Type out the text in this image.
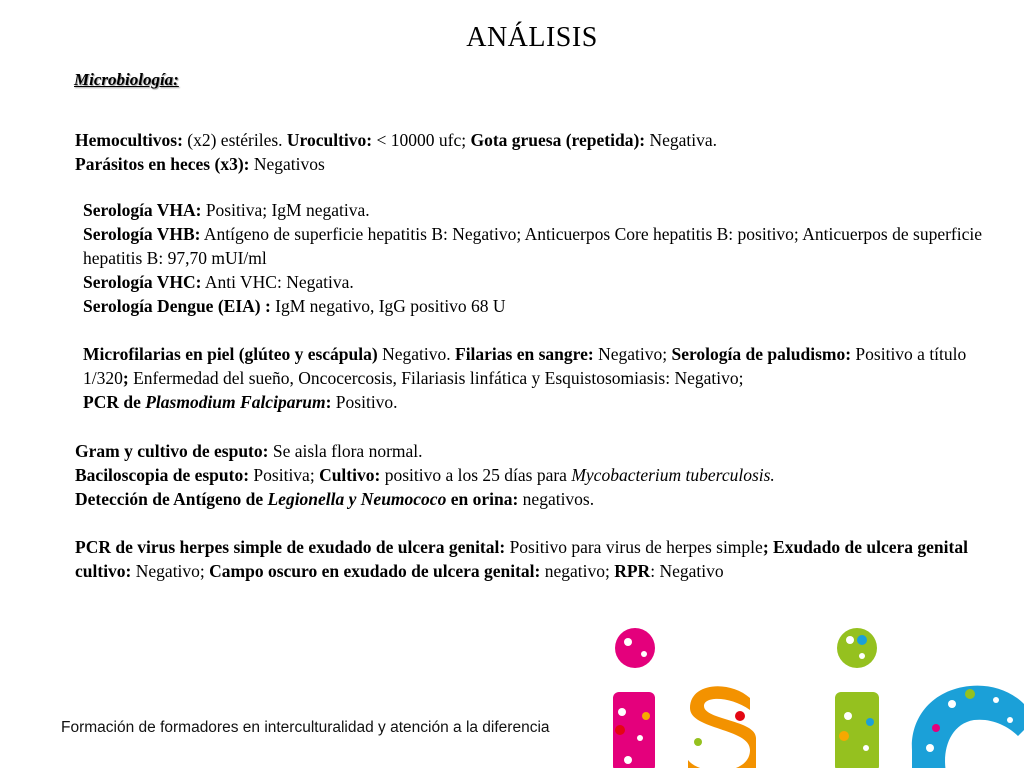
ANÁLISIS
Microbiología:

Hemocultivos: (x2) estériles. Urocultivo: < 10000 ufc; Gota gruesa (repetida): Negativa.

Parásitos en heces (x3): Negativos

Serología VHA: Positiva; IgM negativa.

Serología VHB: Antígeno de superficie hepatitis B: Negativo; Anticuerpos Core hepatitis B: positivo; Anticuerpos de superficie hepatitis B: 97,70 mUI/ml

Serología VHC: Anti VHC: Negativa.

Serología Dengue (EIA) : IgM negativo, IgG positivo 68 U

Microfilarias en piel (glúteo y escápula) Negativo. Filarias en sangre: Negativo; Serología de paludismo: Positivo a título 1/320; Enfermedad del sueño, Oncocercosis, Filariasis linfática y Esquistosomiasis: Negativo;

PCR de Plasmodium Falciparum: Positivo.

Gram y cultivo de esputo: Se aisla flora normal.

Baciloscopia de esputo: Positiva; Cultivo: positivo a los 25 días para Mycobacterium tuberculosis.

Detección de Antígeno de Legionella y Neumococo en orina: negativos.

PCR de virus herpes simple de exudado de ulcera genital: Positivo para virus de herpes simple; Exudado de ulcera genital cultivo: Negativo; Campo oscuro en exudado de ulcera genital: negativo; RPR: Negativo

Formación de formadores en interculturalidad y atención a la diferencia
